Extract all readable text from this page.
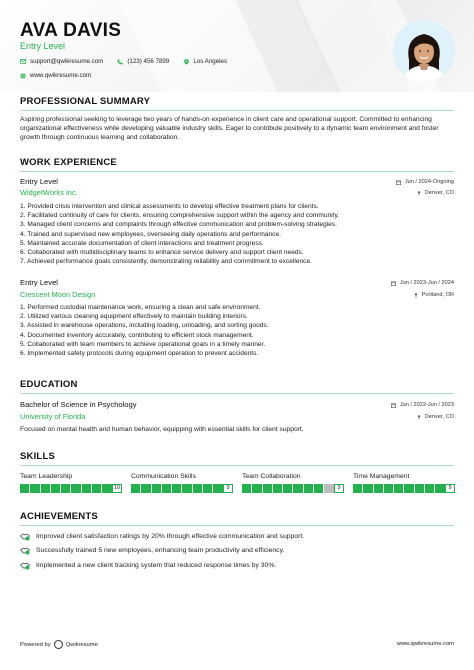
AVA DAVIS
Entry Level
support@qwikresume.com	(123) 456 7899	Los Angeles
www.qwikresume.com
PROFESSIONAL SUMMARY
Aspiring professional seeking to leverage two years of hands-on experience in client care and operational support. Committed to enhancing organizational effectiveness while developing valuable industry skills. Eager to contribute positively to a dynamic team environment and foster growth through continuous learning and collaboration.
WORK EXPERIENCE
Entry Level	Jun / 2024-Ongoing
WidgetWorks Inc.	Denver, CO
1. Provided crisis intervention and clinical assessments to develop effective treatment plans for clients.
2. Facilitated continuity of care for clients, ensuring comprehensive support within the agency and community.
3. Managed client concerns and complaints through effective communication and problem-solving strategies.
4. Trained and supervised new employees, overseeing daily operations and performance.
5. Maintained accurate documentation of client interactions and treatment progress.
6. Collaborated with multidisciplinary teams to enhance service delivery and support client needs.
7. Achieved performance goals consistently, demonstrating reliability and commitment to excellence.
Entry Level	Jun / 2023-Jun / 2024
Crescent Moon Design	Portland, OR
1. Performed custodial maintenance work, ensuring a clean and safe environment.
2. Utilized various cleaning equipment effectively to maintain building interiors.
3. Assisted in warehouse operations, including loading, unloading, and sorting goods.
4. Documented inventory accurately, contributing to efficient stock management.
5. Collaborated with team members to achieve operational goals in a timely manner.
6. Implemented safety protocols during equipment operation to prevent accidents.
EDUCATION
Bachelor of Science in Psychology	Jun / 2022-Jun / 2023
University of Florida	Denver, CO
Focused on mental health and human behavior, equipping with essential skills for client support.
SKILLS
Team Leadership
10
Communication Skills
9
Team Collaboration
9
Time Management
9
ACHIEVEMENTS
Improved client satisfaction ratings by 20% through effective communication and support.
Successfully trained 5 new employees, enhancing team productivity and efficiency.
Implemented a new client tracking system that reduced response times by 30%.
Powered by	Qwikresume	www.qwikresume.com
